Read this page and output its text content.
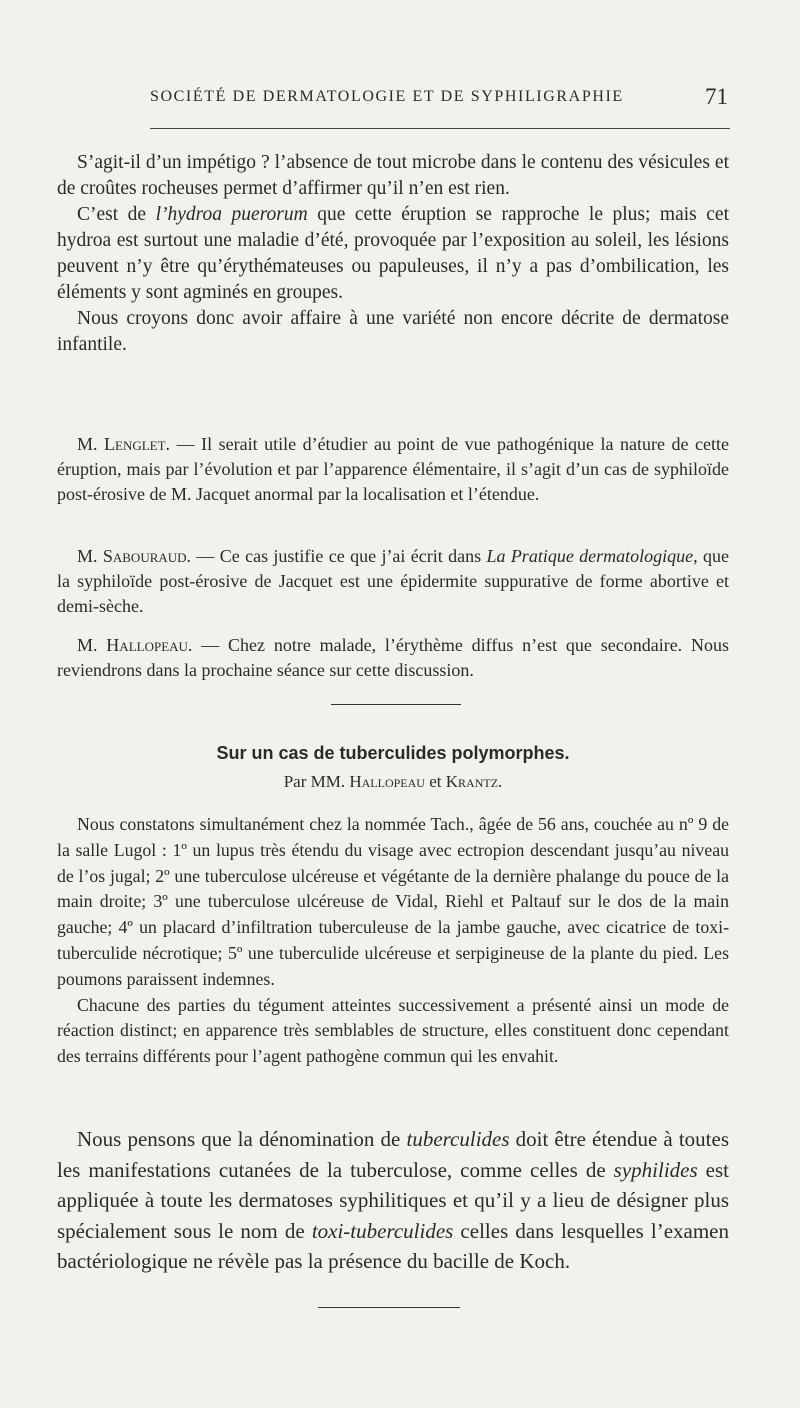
SOCIÉTÉ DE DERMATOLOGIE ET DE SYPHILIGRAPHIE	71

S’agit-il d’un impétigo ? l’absence de tout microbe dans le contenu des vésicules et de croûtes rocheuses permet d’affirmer qu’il n’en est rien.

C’est de l’hydroa puerorum que cette éruption se rapproche le plus; mais cet hydroa est surtout une maladie d’été, provoquée par l’exposition au soleil, les lésions peuvent n’y être qu’érythémateuses ou papuleuses, il n’y a pas d’ombilication, les éléments y sont agminés en groupes.

Nous croyons donc avoir affaire à une variété non encore décrite de dermatose infantile.

M. Lenglet. — Il serait utile d’étudier au point de vue pathogénique la nature de cette éruption, mais par l’évolution et par l’apparence élémentaire, il s’agit d’un cas de syphiloïde post-érosive de M. Jacquet anormal par la localisation et l’étendue.

M. Sabouraud. — Ce cas justifie ce que j’ai écrit dans La Pratique dermatologique, que la syphiloïde post-érosive de Jacquet est une épidermite suppurative de forme abortive et demi-sèche.

M. Hallopeau. — Chez notre malade, l’érythème diffus n’est que secondaire. Nous reviendrons dans la prochaine séance sur cette discussion.

Sur un cas de tuberculides polymorphes.
Par MM. Hallopeau et Krantz.

Nous constatons simultanément chez la nommée Tach., âgée de 56 ans, couchée au nº 9 de la salle Lugol : 1º un lupus très étendu du visage avec ectropion descendant jusqu’au niveau de l’os jugal; 2º une tuberculose ulcéreuse et végétante de la dernière phalange du pouce de la main droite; 3º une tuberculose ulcéreuse de Vidal, Riehl et Paltauf sur le dos de la main gauche; 4º un placard d’infiltration tuberculeuse de la jambe gauche, avec cicatrice de toxi-tuberculide nécrotique; 5º une tuberculide ulcéreuse et serpigineuse de la plante du pied. Les poumons paraissent indemnes.

Chacune des parties du tégument atteintes successivement a présenté ainsi un mode de réaction distinct; en apparence très semblables de structure, elles constituent donc cependant des terrains différents pour l’agent pathogène commun qui les envahit.

Nous pensons que la dénomination de tuberculides doit être étendue à toutes les manifestations cutanées de la tuberculose, comme celles de syphilides est appliquée à toute les dermatoses syphilitiques et qu’il y a lieu de désigner plus spécialement sous le nom de toxi-tuberculides celles dans lesquelles l’examen bactériologique ne révèle pas la présence du bacille de Koch.
